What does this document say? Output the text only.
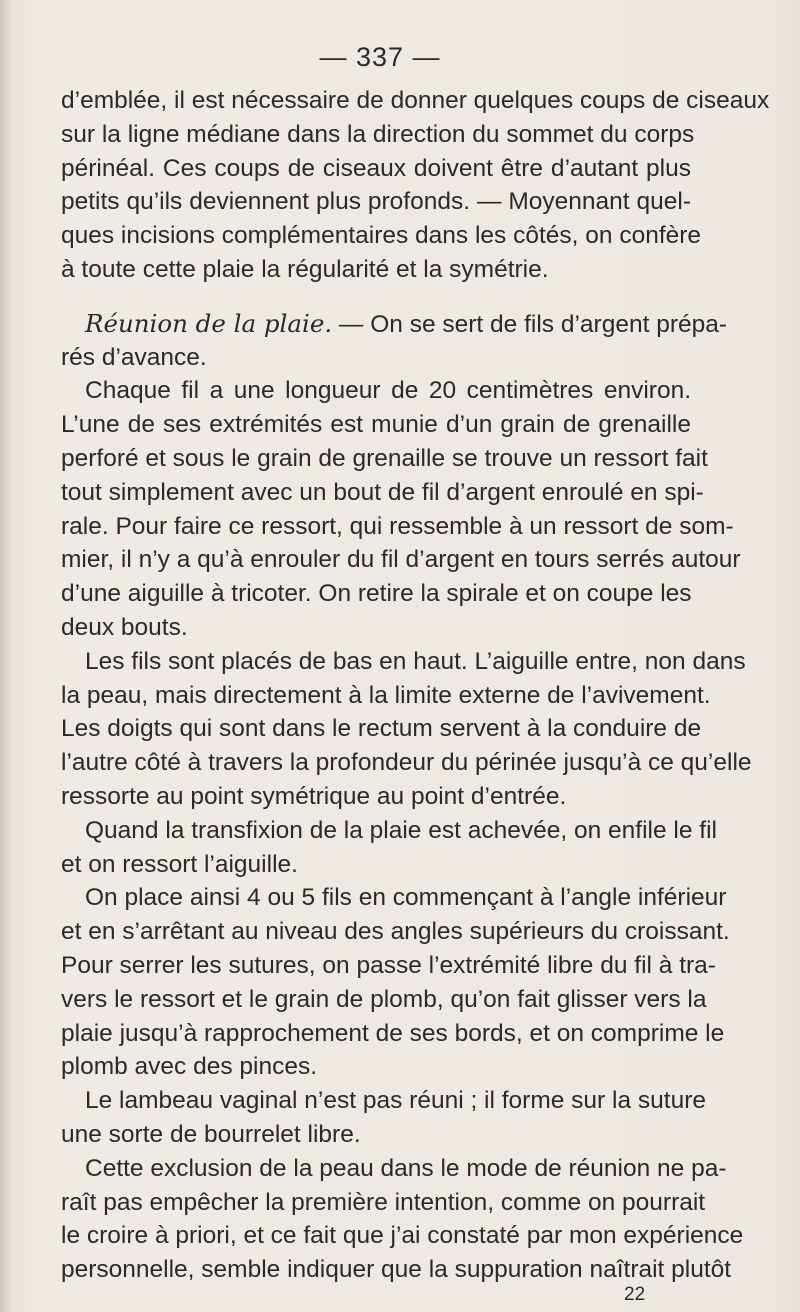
— 337 —
d’emblée, il est nécessaire de donner quelques coups de ciseaux
sur la ligne médiane dans la direction du sommet du corps
périnéal. Ces coups de ciseaux doivent être d’autant plus
petits qu’ils deviennent plus profonds. — Moyennant quel-
ques incisions complémentaires dans les côtés, on confère
à toute cette plaie la régularité et la symétrie.
Réunion de la plaie. — On se sert de fils d’argent prépa-
rés d’avance.
Chaque fil a une longueur de 20 centimètres environ.
L’une de ses extrémités est munie d’un grain de grenaille
perforé et sous le grain de grenaille se trouve un ressort fait
tout simplement avec un bout de fil d’argent enroulé en spi-
rale. Pour faire ce ressort, qui ressemble à un ressort de som-
mier, il n’y a qu’à enrouler du fil d’argent en tours serrés autour
d’une aiguille à tricoter. On retire la spirale et on coupe les
deux bouts.
Les fils sont placés de bas en haut. L’aiguille entre, non dans
la peau, mais directement à la limite externe de l’avivement.
Les doigts qui sont dans le rectum servent à la conduire de
l’autre côté à travers la profondeur du périnée jusqu’à ce qu’elle
ressorte au point symétrique au point d’entrée.
Quand la transfixion de la plaie est achevée, on enfile le fil
et on ressort l’aiguille.
On place ainsi 4 ou 5 fils en commençant à l’angle inférieur
et en s’arrêtant au niveau des angles supérieurs du croissant.
Pour serrer les sutures, on passe l’extrémité libre du fil à tra-
vers le ressort et le grain de plomb, qu’on fait glisser vers la
plaie jusqu’à rapprochement de ses bords, et on comprime le
plomb avec des pinces.
Le lambeau vaginal n’est pas réuni ; il forme sur la suture
une sorte de bourrelet libre.
Cette exclusion de la peau dans le mode de réunion ne pa-
raît pas empêcher la première intention, comme on pourrait
le croire à priori, et ce fait que j’ai constaté par mon expérience
personnelle, semble indiquer que la suppuration naîtrait plutôt
22
